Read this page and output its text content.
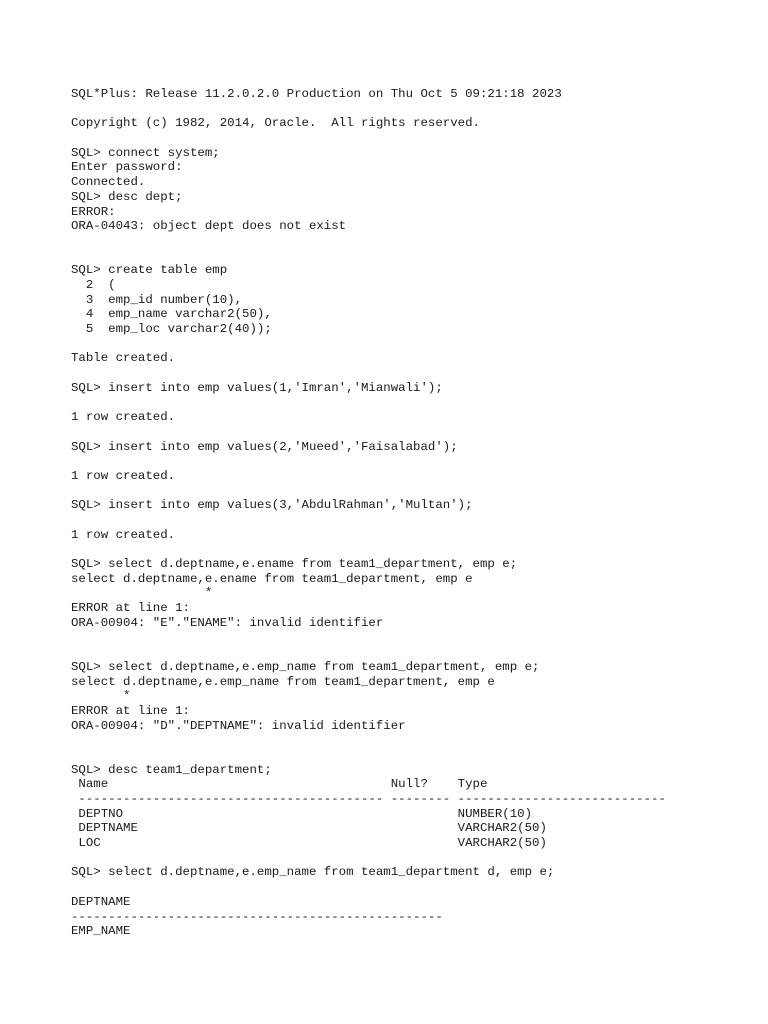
SQL*Plus: Release 11.2.0.2.0 Production on Thu Oct 5 09:21:18 2023
Copyright (c) 1982, 2014, Oracle.  All rights reserved.
SQL> connect system;
Enter password:
Connected.
SQL> desc dept;
ERROR:
ORA-04043: object dept does not exist
SQL> create table emp
2  (
3  emp_id number(10),
4  emp_name varchar2(50),
5  emp_loc varchar2(40));
Table created.
SQL> insert into emp values(1,'Imran','Mianwali');
1 row created.
SQL> insert into emp values(2,'Mueed','Faisalabad');
1 row created.
SQL> insert into emp values(3,'AbdulRahman','Multan');
1 row created.
SQL> select d.deptname,e.ename from team1_department, emp e;
select d.deptname,e.ename from team1_department, emp e
*
ERROR at line 1:
ORA-00904: "E"."ENAME": invalid identifier
SQL> select d.deptname,e.emp_name from team1_department, emp e;
select d.deptname,e.emp_name from team1_department, emp e
*
ERROR at line 1:
ORA-00904: "D"."DEPTNAME": invalid identifier
SQL> desc team1_department;
Name                                      Null?    Type
----------------------------------------- -------- ----------------------------
DEPTNO                                             NUMBER(10)
DEPTNAME                                           VARCHAR2(50)
LOC                                                VARCHAR2(50)
SQL> select d.deptname,e.emp_name from team1_department d, emp e;
DEPTNAME
--------------------------------------------------
EMP_NAME
